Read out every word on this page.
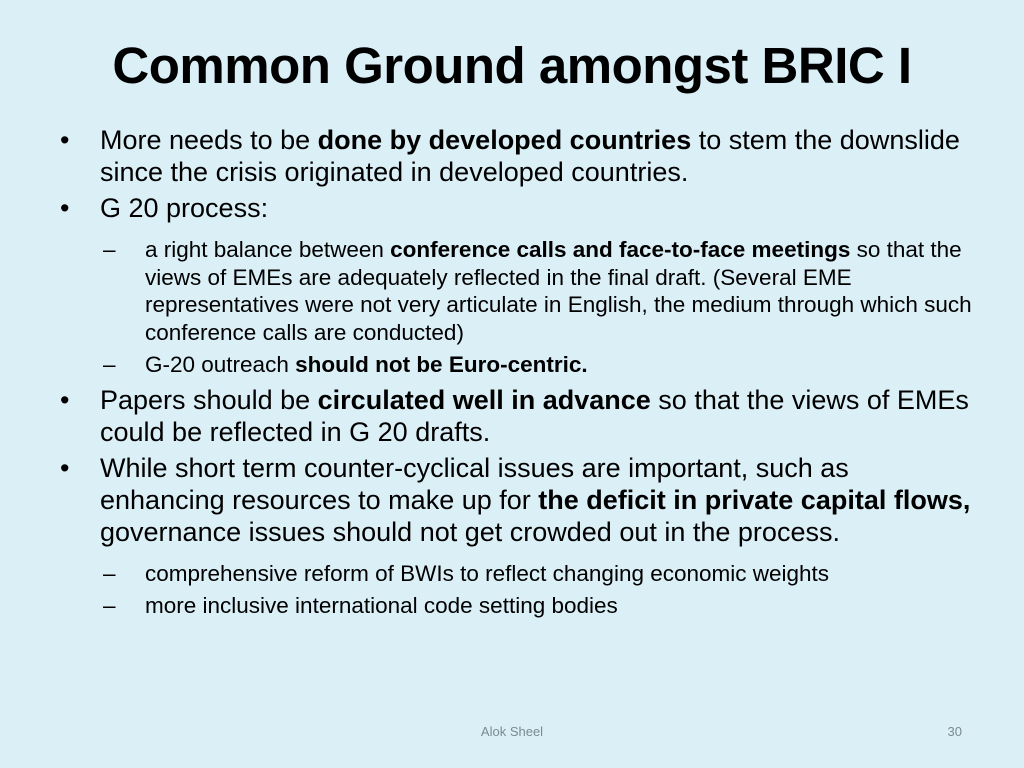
Common Ground amongst BRIC I
• More needs to be done by developed countries to stem the downslide since the crisis originated in developed countries.
• G 20 process:
– a right balance between conference calls and face-to-face meetings so that the views of EMEs are adequately reflected in the final draft. (Several EME representatives were not very articulate in English, the medium through which such conference calls are conducted)
– G-20 outreach should not be Euro-centric.
• Papers should be circulated well in advance so that the views of EMEs could be reflected in G 20 drafts.
• While short term counter-cyclical issues are important, such as enhancing resources to make up for the deficit in private capital flows, governance issues should not get crowded out in the process.
– comprehensive reform of BWIs to reflect changing economic weights
– more inclusive international code setting bodies
Alok Sheel	30
